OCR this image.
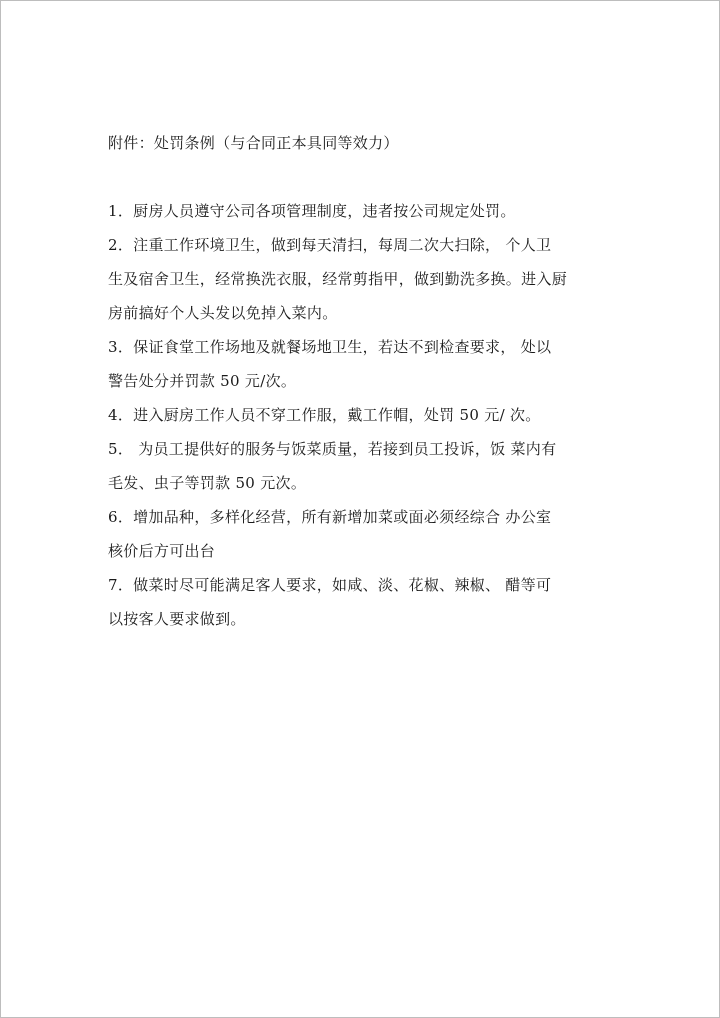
附件：处罚条例（与合同正本具同等效力）

1．厨房人员遵守公司各项管理制度，违者按公司规定处罚。
2．注重工作环境卫生，做到每天清扫，每周二次大扫除， 个人卫
生及宿舍卫生，经常换洗衣服，经常剪指甲，做到勤洗多换。进入厨
房前搞好个人头发以免掉入菜内。
3．保证食堂工作场地及就餐场地卫生，若达不到检查要求， 处以
警告处分并罚款 50 元/次。
4．进入厨房工作人员不穿工作服，戴工作帽，处罚 50 元/ 次。
5． 为员工提供好的服务与饭菜质量，若接到员工投诉，饭 菜内有
毛发、虫子等罚款 50 元次。
6．增加品种，多样化经营，所有新增加菜或面必须经综合 办公室
核价后方可出台
7．做菜时尽可能满足客人要求，如咸、淡、花椒、辣椒、 醋等可
以按客人要求做到。
